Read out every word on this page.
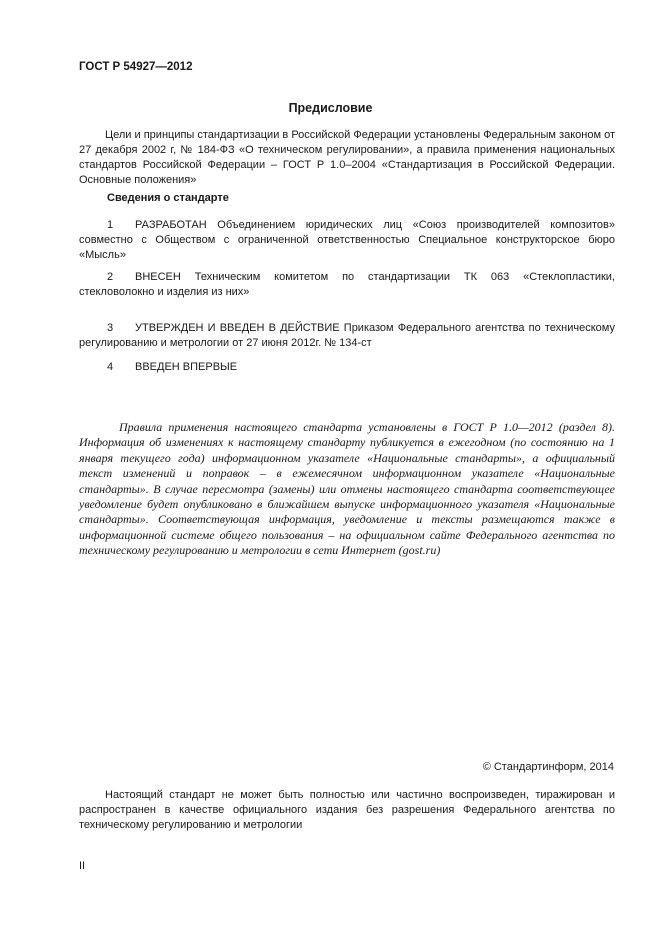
ГОСТ Р 54927—2012
Предисловие
Цели и принципы стандартизации в Российской Федерации установлены Федеральным законом от 27 декабря 2002 г, № 184-ФЗ «О техническом регулировании», а правила применения национальных стандартов Российской Федерации – ГОСТ Р 1.0–2004 «Стандартизация в Российской Федерации. Основные положения»
Сведения о стандарте
1 РАЗРАБОТАН Объединением юридических лиц «Союз производителей композитов» совместно с Обществом с ограниченной ответственностью Специальное конструкторское бюро «Мысль»
2 ВНЕСЕН Техническим комитетом по стандартизации ТК 063 «Стеклопластики, стекловолокно и изделия из них»
3 УТВЕРЖДЕН И ВВЕДЕН В ДЕЙСТВИЕ Приказом Федерального агентства по техническому регулированию и метрологии от 27 июня 2012г. № 134-ст
4 ВВЕДЕН ВПЕРВЫЕ
Правила применения настоящего стандарта установлены в ГОСТ Р 1.0—2012 (раздел 8). Информация об изменениях к настоящему стандарту публикуется в ежегодном (по состоянию на 1 января текущего года) информационном указателе «Национальные стандарты», а официальный текст изменений и поправок – в ежемесячном информационном указателе «Национальные стандарты». В случае пересмотра (замены) или отмены настоящего стандарта соответствующее уведомление будет опубликовано в ближайшем выпуске информационного указателя «Национальные стандарты». Соответствующая информация, уведомление и тексты размещаются также в информационной системе общего пользования – на официальном сайте Федерального агентства по техническому регулированию и метрологии в сети Интернет (gost.ru)
© Стандартинформ, 2014
Настоящий стандарт не может быть полностью или частично воспроизведен, тиражирован и распространен в качестве официального издания без разрешения Федерального агентства по техническому регулированию и метрологии
II
